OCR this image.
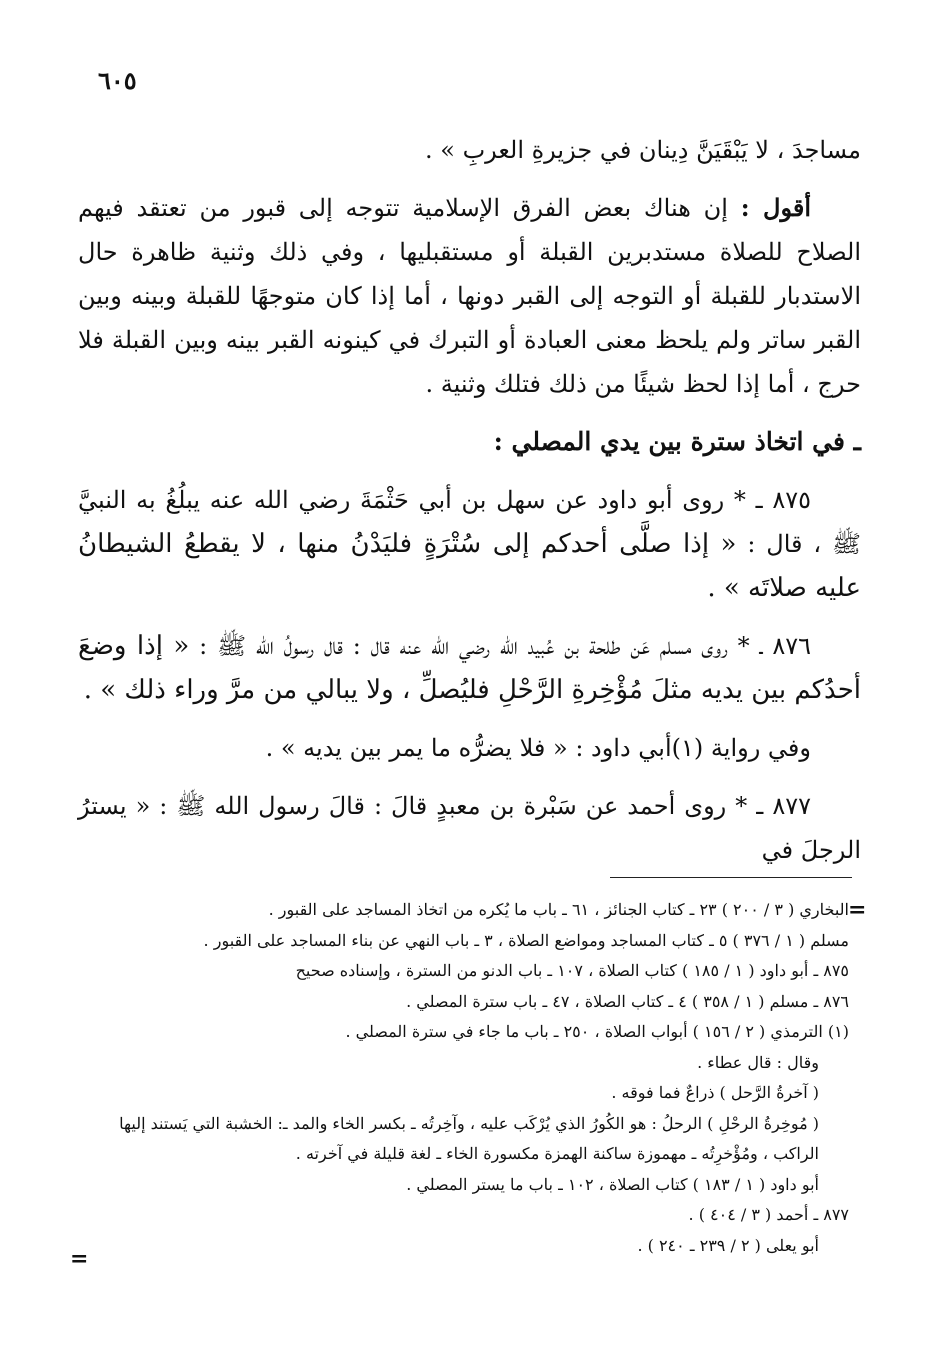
٦٠٥

مساجدَ ، لا يَبْقَيَنَّ دِينان في جزيرةِ العربِ » .

أقول : إن هناك بعض الفرق الإسلامية تتوجه إلى قبور من تعتقد فيهم الصلاح للصلاة مستدبرين القبلة أو مستقبليها ، وفي ذلك وثنية ظاهرة حال الاستدبار للقبلة أو التوجه إلى القبر دونها ، أما إذا كان متوجهًا للقبلة وبينه وبين القبر ساتر ولم يلحظ معنى العبادة أو التبرك في كينونه القبر بينه وبين القبلة فلا حرج ، أما إذا لحظ شيئًا من ذلك فتلك وثنية .

ـ في اتخاذ سترة بين يدي المصلي :

٨٧٥ ـ * روى أبو داود عن سهل بن أبي حَثْمَةَ رضي الله عنه يبلُغُ به النبيَّ ﷺ ، قال : « إذا صلَّى أحدكم إلى سُتْرَةٍ فليَدْنُ منها ، لا يقطعُ الشيطانُ عليه صلاتَه » .

٨٧٦ ـ * روى مسلم عَن طلحة بن عُبيد الله رضي الله عنه قال : قال رسولُ الله ﷺ : « إذا وضعَ أحدُكم بين يديه مثلَ مُؤْخِرةِ الرَّحْلِ فليُصلِّ ، ولا يبالي من مرَّ وراء ذلك » .

وفي رواية (١)أبي داود : « فلا يضرُّه ما يمر بين يديه » .

٨٧٧ ـ * روى أحمد عن سَبْرة بن معبدٍ قالَ : قالَ رسول الله ﷺ : « يسترُ الرجلَ في

=
البخاري ( ٣ / ٢٠٠ ) ٢٣ ـ كتاب الجنائز ، ٦١ ـ باب ما يُكره من اتخاذ المساجد على القبور .
مسلم ( ١ / ٣٧٦ ) ٥ ـ كتاب المساجد ومواضع الصلاة ، ٣ ـ باب النهي عن بناء المساجد على القبور .
٨٧٥ ـ أبو داود ( ١ / ١٨٥ ) كتاب الصلاة ، ١٠٧ ـ باب الدنو من السترة ، وإسناده صحيح
٨٧٦ ـ مسلم ( ١ / ٣٥٨ ) ٤ ـ كتاب الصلاة ، ٤٧ ـ باب سترة المصلي .
(١) الترمذي ( ٢ / ١٥٦ ) أبواب الصلاة ، ٢٥٠ ـ باب ما جاء في سترة المصلي .
وقال : قال عطاء .
( آخرةُ الرَّحل ) ذراعٌ فما فوقه .
( مُوخِرةُ الرحْلِ ) الرحلُ : هو الكُورُ الذي يُرْكَب عليه ، وآخِرتُه ـ بكسر الخاء والمد ـ: الخشبة التي يَستند إليها
الراكب ، ومُؤْخرِتُه ـ مهموزة ساكنة الهمزة مكسورة الخاء ـ لغة قليلة في آخرته .
أبو داود ( ١ / ١٨٣ ) كتاب الصلاة ، ١٠٢ ـ باب ما يستر المصلي .
٨٧٧ ـ أحمد ( ٣ / ٤٠٤ ) .
أبو يعلى ( ٢ / ٢٣٩ ـ ٢٤٠ ) .
=
